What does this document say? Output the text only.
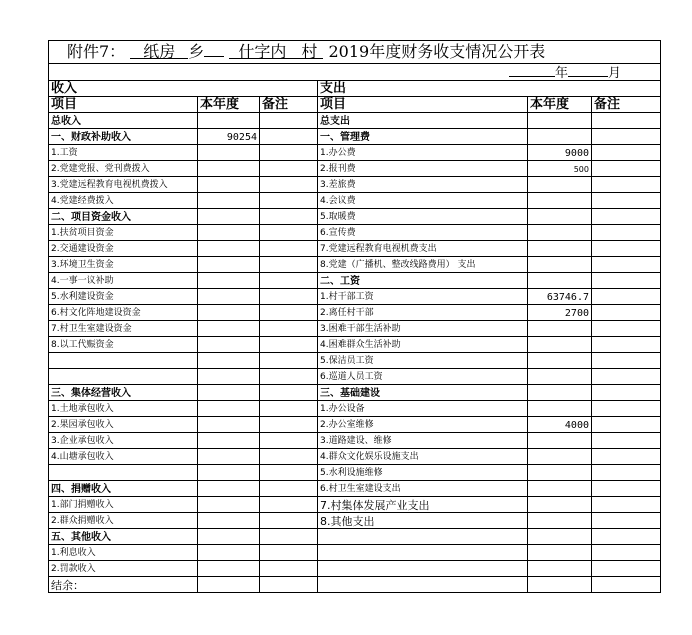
附件7： 纸房 乡 什字内 村 2019年度财务收支情况公开表					
年 月					
收入			支出		
项目	本年度	备注	项目	本年度	备注
总收入			总支出		
一、财政补助收入	90254		一、管理费		
1.工资			1.办公费	9000	
2.党建党报、党刊费拨入			2.报刊费	500	
3.党建远程教育电视机费拨入			3.差旅费		
4.党建经费拨入			4.会议费		
二、项目资金收入			5.取暖费		
1.扶贫项目资金			6.宣传费		
2.交通建设资金			7.党建远程教育电视机费支出		
3.环境卫生资金			8.党建（广播机、整改线路费用） 支出		
4.一事一议补助			二、工资		
5.水利建设资金			1.村干部工资	63746.7	
6.村文化阵地建设资金			2.离任村干部	2700	
7.村卫生室建设资金			3.困难干部生活补助		
8.以工代赈资金			4.困难群众生活补助		
			5.保洁员工资		
			6.巡道人员工资		
三、集体经营收入			三、基础建设		
1.土地承包收入			1.办公设备		
2.果园承包收入			2.办公室维修	4000	
3.企业承包收入			3.道路建设、维修		
4.山塘承包收入			4.群众文化娱乐设施支出		
			5.水利设施维修		
四、捐赠收入			6.村卫生室建设支出		
1.部门捐赠收入			7.村集体发展产业支出		
2.群众捐赠收入			8.其他支出		
五、其他收入					
1.利息收入					
2.罚款收入					
结余：					
